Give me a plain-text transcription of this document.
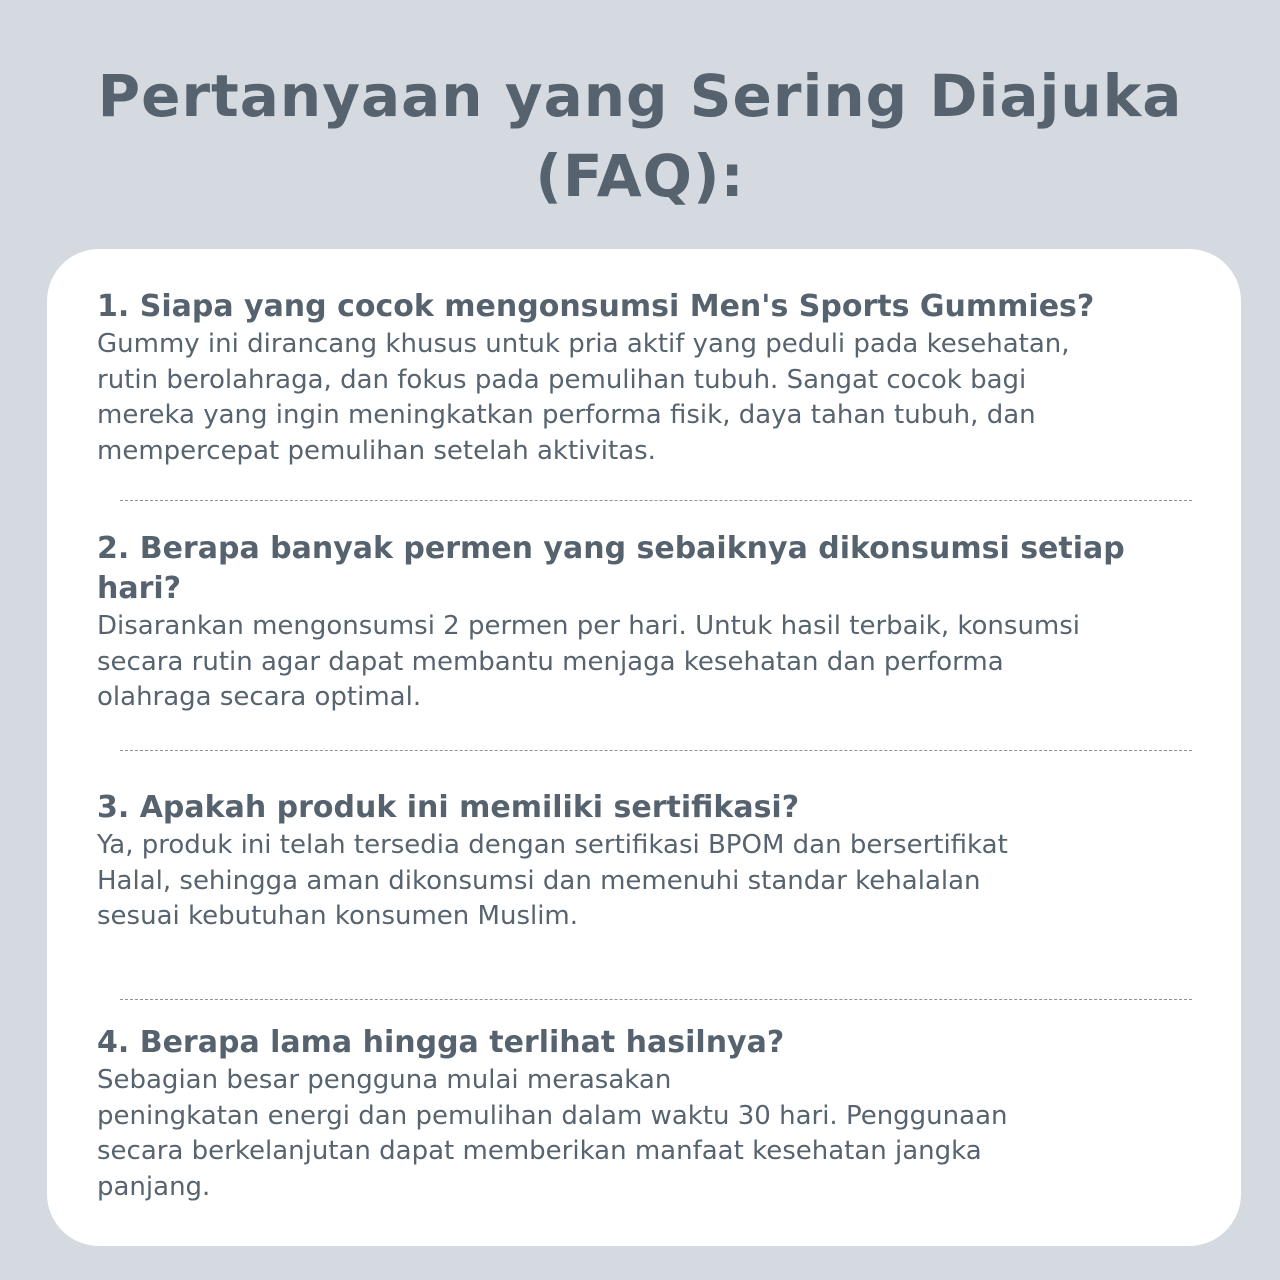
Pertanyaan yang Sering Diajuka
(FAQ):
1. Siapa yang cocok mengonsumsi Men's Sports Gummies?

Gummy ini dirancang khusus untuk pria aktif yang peduli pada kesehatan,
rutin berolahraga, dan fokus pada pemulihan tubuh. Sangat cocok bagi
mereka yang ingin meningkatkan performa fisik, daya tahan tubuh, dan
mempercepat pemulihan setelah aktivitas.

2. Berapa banyak permen yang sebaiknya dikonsumsi setiap hari?

Disarankan mengonsumsi 2 permen per hari. Untuk hasil terbaik, konsumsi
secara rutin agar dapat membantu menjaga kesehatan dan performa
olahraga secara optimal.

3. Apakah produk ini memiliki sertifikasi?

Ya, produk ini telah tersedia dengan sertifikasi BPOM dan bersertifikat
Halal, sehingga aman dikonsumsi dan memenuhi standar kehalalan
sesuai kebutuhan konsumen Muslim.

4. Berapa lama hingga terlihat hasilnya?

Sebagian besar pengguna mulai merasakan
peningkatan energi dan pemulihan dalam waktu 30 hari. Penggunaan
secara berkelanjutan dapat memberikan manfaat kesehatan jangka
panjang.
